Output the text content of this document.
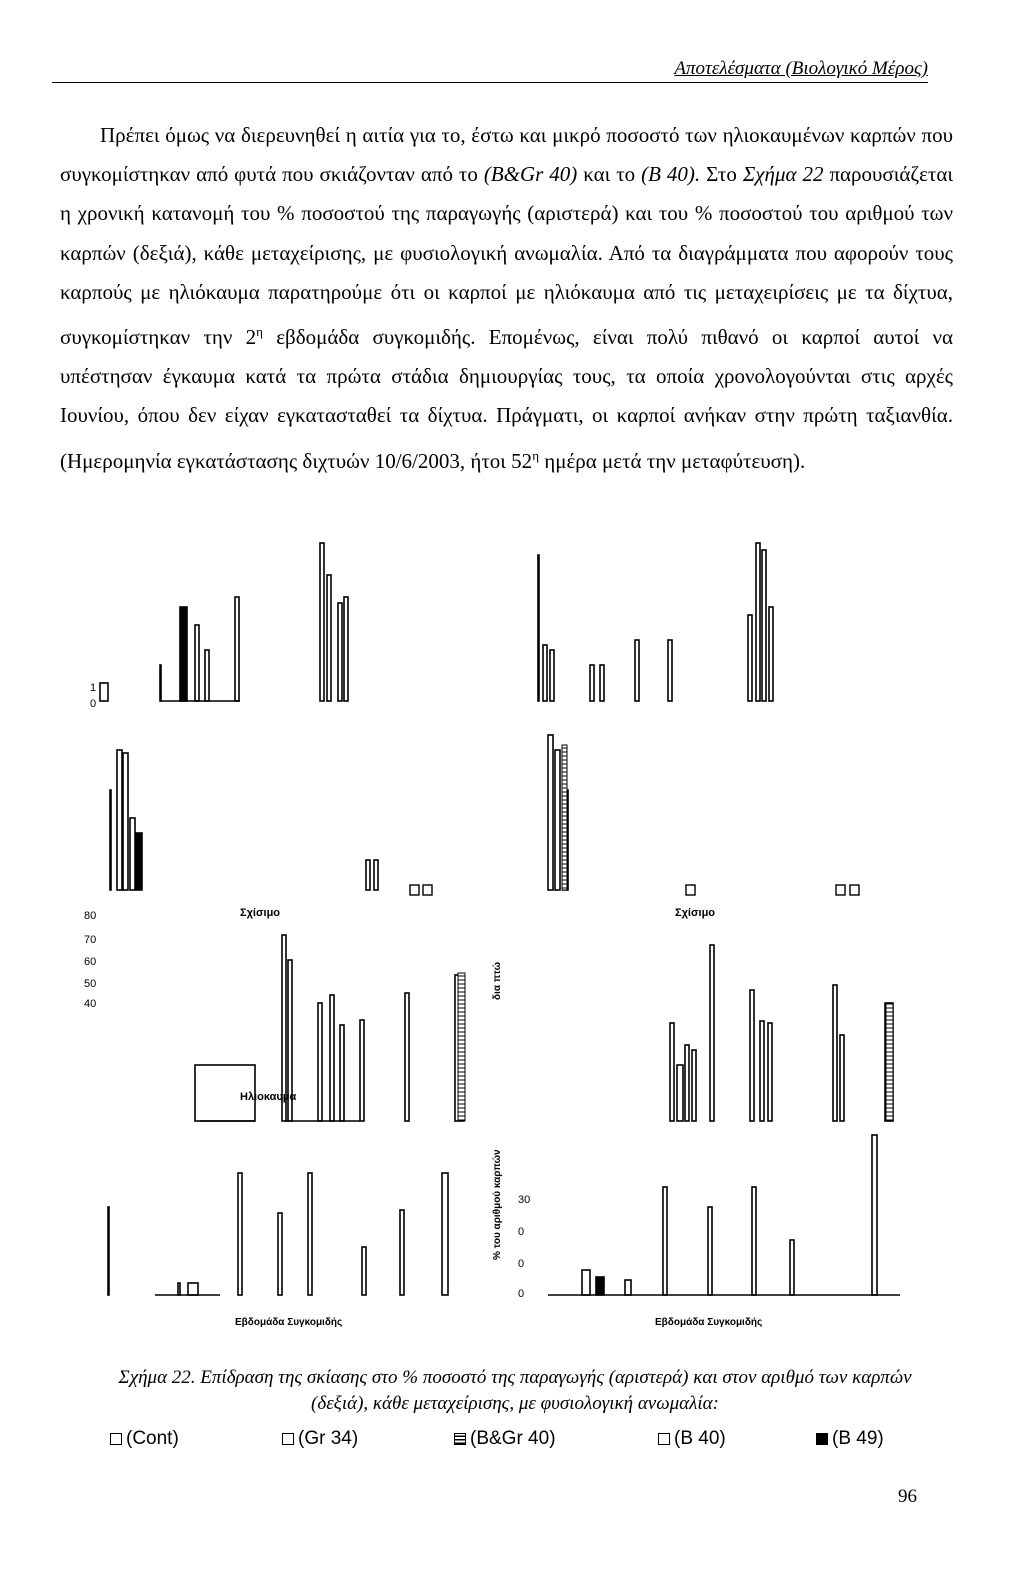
Αποτελέσματα (Βιολογικό Μέρος)

Πρέπει όμως να διερευνηθεί η αιτία για το, έστω και μικρό ποσοστό των ηλιοκαυμένων καρπών που συγκομίστηκαν από φυτά που σκιάζονταν από το (B&Gr 40) και το (B 40). Στο Σχήμα 22 παρουσιάζεται η χρονική κατανομή του % ποσοστού της παραγωγής (αριστερά) και του % ποσοστού του αριθμού των καρπών (δεξιά), κάθε μεταχείρισης, με φυσιολογική ανωμαλία. Από τα διαγράμματα που αφορούν τους καρπούς με ηλιόκαυμα παρατηρούμε ότι οι καρποί με ηλιόκαυμα από τις μεταχειρίσεις με τα δίχτυα, συγκομίστηκαν την $2^\eta$ εβδομάδα συγκομιδής. Επομένως, είναι πολύ πιθανό οι καρποί αυτοί να υπέστησαν έγκαυμα κατά τα πρώτα στάδια δημιουργίας τους, τα οποία χρονολογούνται στις αρχές Ιουνίου, όπου δεν είχαν εγκατασταθεί τα δίχτυα. Πράγματι, οι καρποί ανήκαν στην πρώτη ταξιανθία. (Ημερομηνία εγκατάστασης διχτυών 10/6/2003, ήτοι $52^\eta$ ημέρα μετά την μεταφύτευση).

1
0
80
70
60
50
40
30
0
0
0
Σχίσιμο	Σχίσιμο
Ηλιοκαυμα
Εβδομάδα Συγκομιδής	Εβδομάδα Συγκομιδής
% του αριθμού καρπών
δια πτώ
Σχήμα 22. Επίδραση της σκίασης στο % ποσοστό της παραγωγής (αριστερά) και στον αριθμό των καρπών (δεξιά), κάθε μεταχείρισης, με φυσιολογική ανωμαλία:
(Cont)	(Gr 34)	(B&Gr 40)	(B 40)	(B 49)
96
